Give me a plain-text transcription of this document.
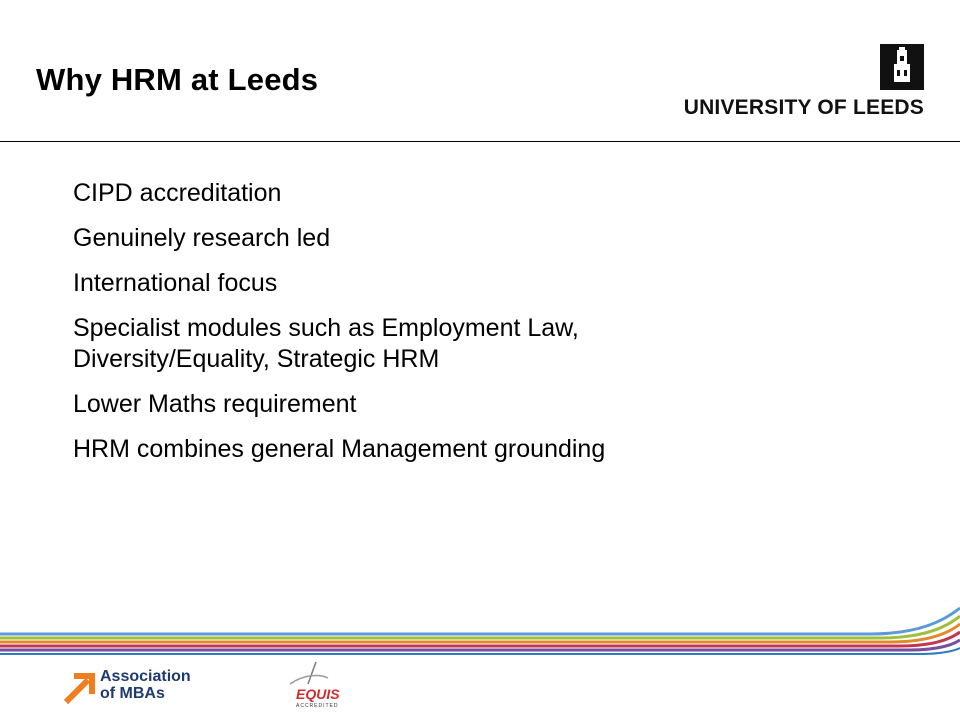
Why HRM at Leeds
UNIVERSITY OF LEEDS
CIPD accreditation
Genuinely research led
International focus
Specialist modules such as Employment Law, Diversity/Equality, Strategic HRM
Lower Maths requirement
HRM combines general Management grounding
Association of MBAs	EQUIS
ACCREDITED
